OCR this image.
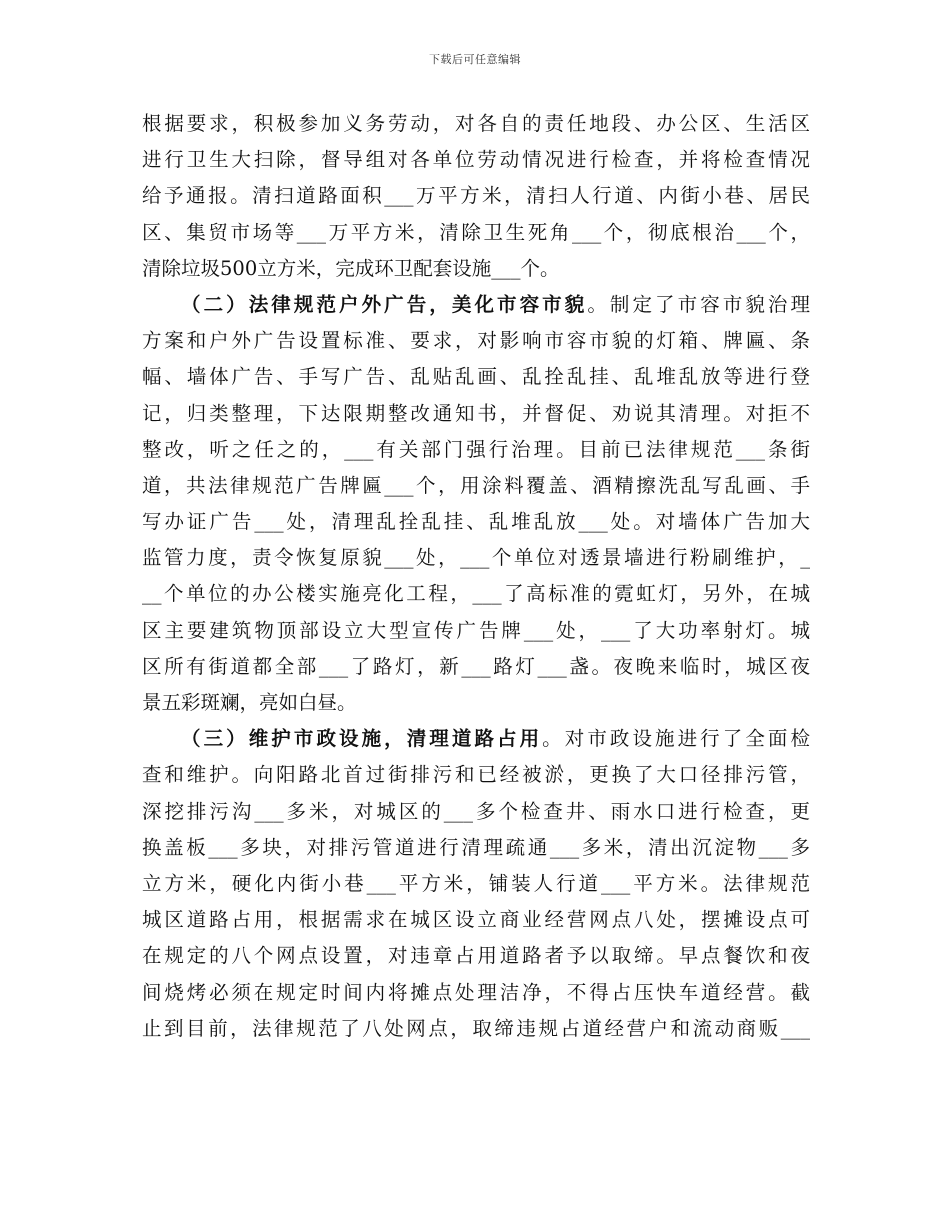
下载后可任意编辑
根据要求，积极参加义务劳动，对各自的责任地段、办公区、生活区
进行卫生大扫除，督导组对各单位劳动情况进行检查，并将检查情况
给予通报。清扫道路面积___万平方米，清扫人行道、内街小巷、居民
区、集贸市场等___万平方米，清除卫生死角___个，彻底根治___个，
清除垃圾500立方米，完成环卫配套设施___个。
（二）法律规范户外广告，美化市容市貌。制定了市容市貌治理
方案和户外广告设置标准、要求，对影响市容市貌的灯箱、牌匾、条
幅、墙体广告、手写广告、乱贴乱画、乱拴乱挂、乱堆乱放等进行登
记，归类整理，下达限期整改通知书，并督促、劝说其清理。对拒不
整改，听之任之的，___有关部门强行治理。目前已法律规范___条街
道，共法律规范广告牌匾___个，用涂料覆盖、酒精擦洗乱写乱画、手
写办证广告___处，清理乱拴乱挂、乱堆乱放___处。对墙体广告加大
监管力度，责令恢复原貌___处，___个单位对透景墙进行粉刷维护，_
__个单位的办公楼实施亮化工程，___了高标准的霓虹灯，另外，在城
区主要建筑物顶部设立大型宣传广告牌___处，___了大功率射灯。城
区所有街道都全部___了路灯，新___路灯___盏。夜晚来临时，城区夜
景五彩斑斓，亮如白昼。
（三）维护市政设施，清理道路占用。对市政设施进行了全面检
查和维护。向阳路北首过街排污和已经被淤，更换了大口径排污管，
深挖排污沟___多米，对城区的___多个检查井、雨水口进行检查，更
换盖板___多块，对排污管道进行清理疏通___多米，清出沉淀物___多
立方米，硬化内街小巷___平方米，铺装人行道___平方米。法律规范
城区道路占用，根据需求在城区设立商业经营网点八处，摆摊设点可
在规定的八个网点设置，对违章占用道路者予以取缔。早点餐饮和夜
间烧烤必须在规定时间内将摊点处理洁净，不得占压快车道经营。截
止到目前，法律规范了八处网点，取缔违规占道经营户和流动商贩___
